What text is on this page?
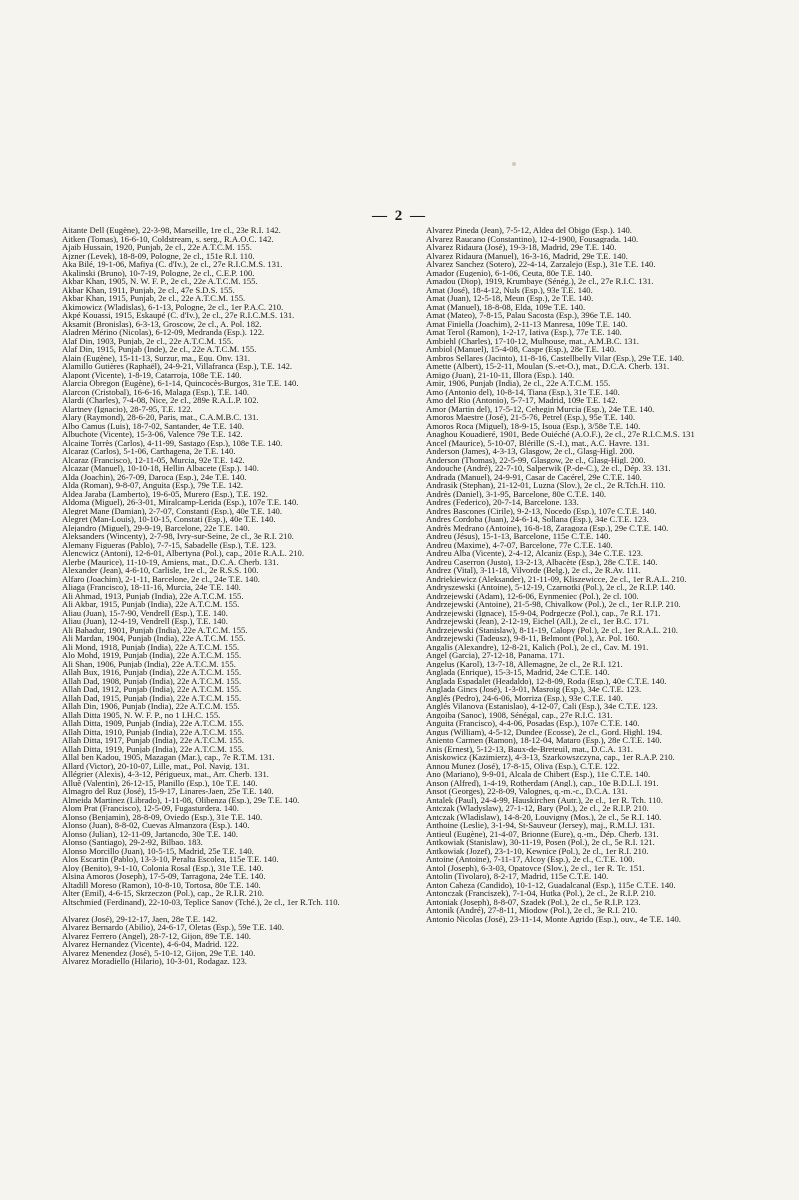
— 2 —
Aitante Dell (Eugène), 22-3-98, Marseille, 1re cl., 23e R.I. 142.
Aitken (Tomas), 16-6-10, Coldstream, s. serg., R.A.O.C. 142.
Ajaib Hussain, 1920, Punjab, 2e cl., 22e A.T.C.M. 155.
Ajzner (Levek), 18-8-09, Pologne, 2e cl., 151e R.I. 110.
Aka Bilé, 19-1-06, Mafiya (C. d'Iv.), 2e cl., 27e R.I.C.M.S. 131.
Akalinski (Bruno), 10-7-19, Pologne, 2e cl., C.E.P. 100.
Akbar Khan, 1905, N. W. F. P., 2e cl., 22e A.T.C.M. 155.
Akbar Khan, 1911, Punjab, 2e cl., 47e S.D.S. 155.
Akbar Khan, 1915, Punjab, 2e cl., 22e A.T.C.M. 155.
Akimowicz (Wladislas), 6-1-13, Pologne, 2e cl., 1er P.A.C. 210.
Akpé Kouassi, 1915, Eskaupé (C. d'Iv.), 2e cl., 27e R.I.C.M.S. 131.
Aksamit (Bronislas), 6-3-13, Groscow, 2e cl., A. Pol. 182.
Aladren Mérino (Nicolas), 6-12-09, Medranda (Esp.). 122.
Alaf Din, 1903, Punjab, 2e cl., 22e A.T.C.M. 155.
Alaf Din, 1915, Punjab (Inde), 2e cl., 22e A.T.C.M. 155.
Alain (Eugène), 15-11-13, Surzur, ma., Equ. Onv. 131.
Alamillo Gutières (Raphaël), 24-9-21, Villafranca (Esp.), T.E. 142.
Alapont (Vicente), 1-8-19, Catarroja, 108e T.E. 140.
Alarcia Obregon (Eugène), 6-1-14, Quincocès-Burgos, 31e T.E. 140.
Alarcon (Cristobal), 16-6-16, Malaga (Esp.), T.E. 140.
Alardi (Charles), 7-4-08, Nice, 2e cl., 289e R.A.L.P. 102.
Alartney (Ignacio), 28-7-95, T.E. 122.
Alary (Raymond), 28-6-20, Paris, mat., C.A.M.B.C. 131.
Albo Camus (Luis), 18-7-02, Santander, 4e T.E. 140.
Albuchote (Vicente), 15-3-06, Valence 79e T.E. 142.
Alcaine Torrès (Carlos), 4-11-99, Sastago (Esp.), 108e T.E. 140.
Alcaraz (Carlos), 5-1-06, Carthagena, 2e T.E. 140.
Alcaraz (Francisco), 12-11-05, Murcia, 92e T.E. 142.
Alcazar (Manuel), 10-10-18, Hellin Albacete (Esp.). 140.
Alda (Joachin), 26-7-09, Daroca (Esp.), 24e T.E. 140.
Alda (Roman), 9-8-07, Anguita (Esp.), 79e T.E. 142.
Aldea Jaraba (Lamberto), 19-6-05, Murero (Esp.), T.E. 192.
Aldoma (Miguel), 26-3-01, Miralcamp-Lerida (Esp.), 107e T.E. 140.
Alegret Mane (Damian), 2-7-07, Constanti (Esp.), 40e T.E. 140.
Alegret (Man-Louis), 10-10-15, Constati (Esp.), 40e T.E. 140.
Alejandro (Miguel), 29-9-19, Barcelone, 22e T.E. 140.
Aleksanders (Wincenty), 2-7-98, Ivry-sur-Seine, 2e cl., 3e R.I. 210.
Alemany Figueras (Pablo), 7-7-15, Sabadelle (Esp.), T.E. 123.
Alencwicz (Antoni), 12-6-01, Albertyna (Pol.), cap., 201e R.A.L. 210.
Alerbe (Maurice), 11-10-19, Amiens, mat., D.C.A. Cherb. 131.
Alexander (Jean), 4-6-10, Carlisle, 1re cl., 2e R.S.S. 100.
Alfaro (Joachim), 2-1-11, Barcelone, 2e cl., 24e T.E. 140.
Aliaga (Francisco), 18-11-16, Murcia, 24e T.E. 140.
Ali Ahmad, 1913, Punjab (India), 22e A.T.C.M. 155.
Ali Akbar, 1915, Punjab (India), 22e A.T.C.M. 155.
Aliau (Juan), 15-7-90, Vendrell (Esp.), T.E. 140.
Aliau (Juan), 12-4-19, Vendrell (Esp.), T.E. 140.
Ali Bahadur, 1901, Punjab (India), 22e A.T.C.M. 155.
Ali Mardan, 1904, Punjab (India), 22e A.T.C.M. 155.
Ali Mond, 1918, Punjab (India), 22e A.T.C.M. 155.
Alo Mohd, 1919, Punjab (India), 22e A.T.C.M. 155.
Ali Shan, 1906, Punjab (India), 22e A.T.C.M. 155.
Allah Bux, 1916, Punjab (India), 22e A.T.C.M. 155.
Allah Dad, 1908, Punjab (India), 22e A.T.C.M. 155.
Allah Dad, 1912, Punjab (India), 22e A.T.C.M. 155.
Allah Dad, 1915, Punjab (India), 22e A.T.C.M. 155.
Allah Din, 1906, Punjab (India), 22e A.T.C.M. 155.
Allah Ditta 1905, N. W. F. P., no 1 I.H.C. 155.
Allah Ditta, 1909, Punjab (India), 22e A.T.C.M. 155.
Allah Ditta, 1910, Punjab (India), 22e A.T.C.M. 155.
Allah Ditta, 1917, Punjab (India), 22e A.T.C.M. 155.
Allah Ditta, 1919, Punjab (India), 22e A.T.C.M. 155.
Allal ben Kadou, 1905, Mazagan (Mar.), cap., 7e R.T.M. 131.
Allard (Victor), 20-10-07, Lille, mat., Pol. Navig. 131.
Allégrier (Alexis), 4-3-12, Périgueux, mat., Arr. Cherb. 131.
Alluê (Valentin), 26-12-15, Planillo (Esp.), 10e T.E. 140.
Almagro del Ruz (José), 15-9-17, Linares-Jaen, 25e T.E. 140.
Almeida Martinez (Librado), 1-11-08, Olibenza (Esp.), 29e T.E. 140.
Alom Prat (Francisco), 12-5-09, Fugasturdera. 140.
Alonso (Benjamin), 28-8-09, Oviedo (Esp.), 31e T.E. 140.
Alonso (Juan), 8-8-02, Cuevas Almanzora (Esp.). 140.
Alonso (Julian), 12-11-09, Jartancdo, 30e T.E. 140.
Alonso (Santiago), 29-2-92, Bilbao. 183.
Alonso Morcillo (Juan), 10-5-15, Madrid, 25e T.E. 140.
Alos Escartin (Pablo), 13-3-10, Peralta Escolea, 115e T.E. 140.
Aloy (Benito), 9-1-10, Colonia Rosal (Esp.), 31e T.E. 140.
Alsina Amoros (Joseph), 17-5-09, Tarragona, 24e T.E. 140.
Altadill Moreso (Ramon), 10-8-10, Tortosa, 80e T.E. 140.
Alter (Emil), 4-6-15, Skrzeczon (Pol.), cap., 2e R.I.R. 210.
Altschmied (Ferdinand), 22-10-03, Teplice Sanov (Tché.), 2e cl., 1er R.Tch. 110.
Alvarez (José), 29-12-17, Jaen, 28e T.E. 142.
Alvarez Bernardo (Abilio), 24-6-17, Oletas (Esp.), 59e T.E. 140.
Alvarez Ferrero (Angel), 28-7-12, Gijon, 89e T.E. 140.
Alvarez Hernandez (Vicente), 4-6-04, Madrid. 122.
Alvarez Menendez (José), 5-10-12, Gijon, 29e T.E. 140.
Alvarez Moradiello (Hilario), 10-3-01, Rodagaz. 123.
Alvarez Pineda (Jean), 7-5-12, Aldea del Obigo (Esp.). 140.
Alvarez Raucano (Constantino), 12-4-1900, Fousagrada. 140.
Alvarez Ridaura (José), 19-3-18, Madrid, 29e T.E. 140.
Alvarez Ridaura (Manuel), 16-3-16, Madrid, 29e T.E. 140.
Alvarez Sanchez (Sotero), 22-4-14, Zarzalejo (Esp.), 31e T.E. 140.
Amador (Eugenio), 6-1-06, Ceuta, 80e T.E. 140.
Amadou (Diop), 1919, Krumbaye (Sénég.), 2e cl., 27e R.I.C. 131.
Amat (José), 18-4-12, Nuls (Esp.), 93e T.E. 140.
Amat (Juan), 12-5-18, Meun (Esp.), 2e T.E. 140.
Amat (Manuel), 18-8-08, Elda, 109e T.E. 140.
Amat (Mateo), 7-8-15, Palau Sacosta (Esp.), 396e T.E. 140.
Amat Finiella (Joachim), 2-11-13 Manresa, 109e T.E. 140.
Amat Terol (Ramon), 1-2-17, Iativa (Esp.), 77e T.E. 140.
Ambiehl (Charles), 17-10-12, Mulhouse, mat., A.M.B.C. 131.
Ambiol (Manuel), 15-4-08, Caspe (Esp.), 28e T.E. 140.
Ambros Sellares (Jacinto), 11-8-16, Castellbelly Vilar (Esp.), 29e T.E. 140.
Amette (Albert), 15-2-11, Moulan (S.-et-O.), mat., D.C.A. Cherb. 131.
Amigo (Juan), 21-10-11, Illora (Esp.). 140.
Amir, 1906, Punjab (India), 2e cl., 22e A.T.C.M. 155.
Amo (Antonio del), 10-8-14, Tiana (Esp.), 31e T.E. 140.
Amo del Rio (Antonio), 5-7-17, Madrid, 109e T.E. 142.
Amor (Martin del), 17-5-12, Cehegin Murcia (Esp.), 24e T.E. 140.
Amoros Maestre (José), 21-5-76, Petrel (Esp.), 95e T.E. 140.
Amoros Roca (Miguel), 18-9-15, Isoua (Esp.), 3/58e T.E. 140.
Anaghou Kouadieré, 1901, Bede Ouiéché (A.O.F.), 2e cl., 27e R.I.C.M.S. 131
Ancel (Maurice), 5-10-07, Blérille (S.-I.), mat., A.C. Havre. 131.
Anderson (James), 4-3-13, Glasgow, 2e cl., Glasg-Higl. 200.
Anderson (Thomas), 22-5-99, Glasgow, 2e cl., Glasg-Higl. 200.
Andouche (André), 22-7-10, Salperwik (P.-de-C.), 2e cl., Dép. 33. 131.
Andrada (Manuel), 24-9-91, Casar de Cacérel, 29e C.T.E. 140.
Andrasik (Stephan), 21-12-01, Luzna (Slov.), 2e cl., 2e R.Tch.H. 110.
Andrès (Daniel), 3-1-95, Barcelone, 80e C.T.E. 140.
Andres (Federico), 20-7-14, Barcelone. 133.
Andres Bascones (Cirile), 9-2-13, Nocedo (Esp.), 107e C.T.E. 140.
Andres Cordoba (Juan), 24-6-14, Sollana (Esp.), 34e C.T.E. 123.
Andrès Medrano (Antoine), 16-8-18, Zaragoza (Esp.), 29e C.T.E. 140.
Andreu (Jésus), 15-1-13, Barcelone, 115e C.T.E. 140.
Andreu (Maxime), 4-7-07, Barcelone, 77e C.T.E. 140.
Andreu Alba (Vicente), 2-4-12, Alcaniz (Esp.), 34e C.T.E. 123.
Andreu Caserron (Justo), 13-2-13, Albacète (Esp.), 28e C.T.E. 140.
Andrez (Vital), 3-11-18, Vilvorde (Belg.), 2e cl., 2e R.Av. 111.
Andriekiewicz (Aleksander), 21-11-09, Kliszewicce, 2e cl., 1er R.A.L. 210.
Andryszewski (Antoine), 5-12-19, Czarnotki (Pol.), 2e cl., 2e R.I.P. 140.
Andrzejewski (Adam), 12-6-06, Eynmeniec (Pol.), 2e cl. 100.
Andrzejewski (Antoine), 21-5-98, Chivalkow (Pol.), 2e cl., 1er R.I.P. 210.
Andrzejewski (Ignace), 15-9-04, Podrgecze (Pol.), cap., 7e R.I. 171.
Andrzejewski (Jean), 2-12-19, Eichel (All.), 2e cl., 1er B.C. 171.
Andrzejewski (Stanislaw), 8-11-19, Calopy (Pol.), 2e cl., 1er R.A.L. 210.
Andrzejewski (Tadeusz), 9-8-11, Belmont (Pol.), Ar. Pol. 160.
Angalis (Alexandre), 12-8-21, Kalich (Pol.), 2e cl., Cav. M. 191.
Angel (Garcia), 27-12-18, Panama. 171.
Angelus (Karol), 13-7-18, Allemagne, 2e cl., 2e R.I. 121.
Anglada (Enrique), 15-3-15, Madrid, 24e C.T.E. 140.
Anglada Espadalet (Headaldo), 12-8-09, Roda (Esp.), 40e C.T.E. 140.
Anglada Gincs (José), 1-3-01, Masroig (Esp.), 34e C.T.E. 123.
Anglés (Pedro), 24-6-06, Morriza (Esp.), 93e C.T.E. 140.
Anglés Vilanova (Estanislao), 4-12-07, Cali (Esp.), 34e C.T.E. 123.
Angoiba (Sanoc), 1908, Sénégal, cap., 27e R.I.C. 131.
Anguita (Francisco), 4-4-06, Posadas (Esp.), 107e C.T.E. 140.
Angus (William), 4-5-12, Dundee (Ecosse), 2e cl., Gord. Highl. 194.
Aniento Carmen (Ramon), 18-12-04, Mataro (Esp.), 28e C.T.E. 140.
Anis (Ernest), 5-12-13, Baux-de-Breteuil, mat., D.C.A. 131.
Aniskowicz (Kazimierz), 4-3-13, Szarkowszczyna, cap., 1er R.A.P. 210.
Annou Munez (José), 17-8-15, Oliva (Esp.), C.T.E. 122.
Ano (Mariano), 9-9-01, Alcala de Chibert (Esp.), 11e C.T.E. 140.
Anson (Alfred), 1-4-19, Rotherdam (Angl.), cap., 10e B.D.L.I. 191.
Ansot (Georges), 22-8-09, Valognes, q.-m.-c., D.C.A. 131.
Antalek (Paul), 24-4-99, Hauskirchen (Autr.), 2e cl., 1er R. Tch. 110.
Antczak (Wladyslaw), 27-1-12, Bary (Pol.), 2e cl., 2e R.I.P. 210.
Antczak (Wladislaw), 14-8-20, Louvigny (Mos.), 2e cl., 5e R.I. 140.
Anthoine (Leslie), 3-1-94, St-Sauveur (Jersey), maj., R.M.I.J. 131.
Antieul (Eugène), 21-4-07, Brionne (Eure), q.-m., Dép. Cherb. 131.
Antkowiak (Stanislaw), 30-11-19, Posen (Pol.), 2e cl., 5e R.I. 121.
Antkowiak (Jozef), 23-1-10, Kewnice (Pol.), 2e cl., 1er R.I. 210.
Antoine (Antoine), 7-11-17, Alcoy (Esp.), 2e cl., C.T.E. 100.
Antol (Joseph), 6-3-03, Opatovce (Slov.), 2e cl., 1er R. Tc. 151.
Antolin (Tivolaro), 8-2-17, Madrid, 115e C.T.E. 140.
Anton Caheza (Candido), 10-1-12, Guadalcanal (Esp.), 115e C.T.E. 140.
Antonczak (Franciszek), 7-1-04, Hutka (Pol.), 2e cl., 2e R.I.P. 210.
Antoniak (Joseph), 8-8-07, Szadek (Pol.), 2e cl., 5e R.I.P. 123.
Antonik (André), 27-8-11, Miodow (Pol.), 2e cl., 3e R.I. 210.
Antonio Nicolas (José), 23-11-14, Monte Agrido (Esp.), ouv., 4e T.E. 140.
